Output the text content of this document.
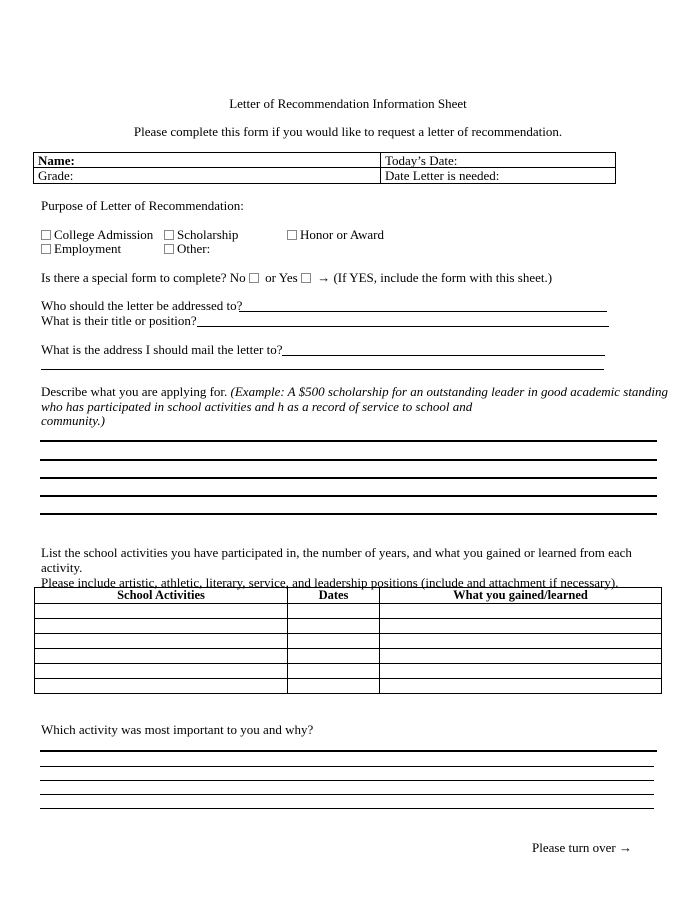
Letter of Recommendation Information Sheet
Please complete this form if you would like to request a letter of recommendation.
Name:	Today’s Date:
Grade:	Date Letter is needed:
Purpose of Letter of Recommendation:
College Admission	Scholarship	Honor or Award
Employment	Other:
Is there a special form to complete? No or Yes → (If YES, include the form with this sheet.)
Who should the letter be addressed to?
What is their title or position?
What is the address I should mail the letter to?
Describe what you are applying for. (Example: A $500 scholarship for an outstanding leader in good academic standing
who has participated in school activities and h as a record of service to school and
community.)
List the school activities you have participated in, the number of years, and what you gained or learned from each activity.
Please include artistic, athletic, literary, service, and leadership positions (include and attachment if necessary).
School Activities	Dates	What you gained/learned

Which activity was most important to you and why?
Please turn over →
